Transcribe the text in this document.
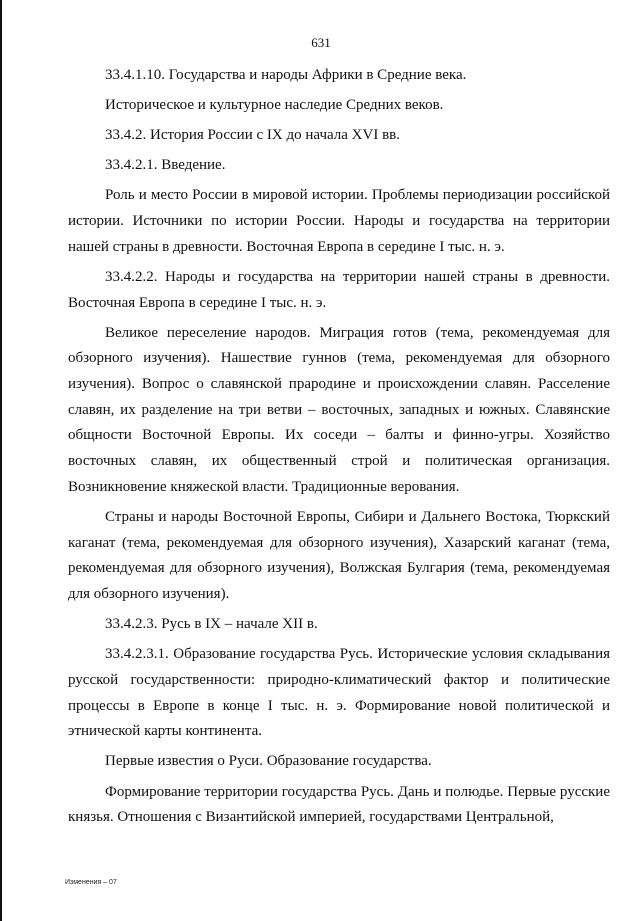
631

33.4.1.10. Государства и народы Африки в Средние века.

Историческое и культурное наследие Средних веков.

33.4.2. История России с IX до начала XVI вв.

33.4.2.1. Введение.

Роль и место России в мировой истории. Проблемы периодизации российской истории. Источники по истории России. Народы и государства на территории нашей страны в древности. Восточная Европа в середине I тыс. н. э.

33.4.2.2. Народы и государства на территории нашей страны в древности. Восточная Европа в середине I тыс. н. э.

Великое переселение народов. Миграция готов (тема, рекомендуемая для обзорного изучения). Нашествие гуннов (тема, рекомендуемая для обзорного изучения). Вопрос о славянской прародине и происхождении славян. Расселение славян, их разделение на три ветви – восточных, западных и южных. Славянские общности Восточной Европы. Их соседи – балты и финно-угры. Хозяйство восточных славян, их общественный строй и политическая организация. Возникновение княжеской власти. Традиционные верования.

Страны и народы Восточной Европы, Сибири и Дальнего Востока, Тюркский каганат (тема, рекомендуемая для обзорного изучения), Хазарский каганат (тема, рекомендуемая для обзорного изучения), Волжская Булгария (тема, рекомендуемая для обзорного изучения).

33.4.2.3. Русь в IX – начале XII в.

33.4.2.3.1. Образование государства Русь. Исторические условия складывания русской государственности: природно-климатический фактор и политические процессы в Европе в конце I тыс. н. э. Формирование новой политической и этнической карты континента.

Первые известия о Руси. Образование государства.

Формирование территории государства Русь. Дань и полюдье. Первые русские князья. Отношения с Византийской империей, государствами Центральной,

Изменения – 07
